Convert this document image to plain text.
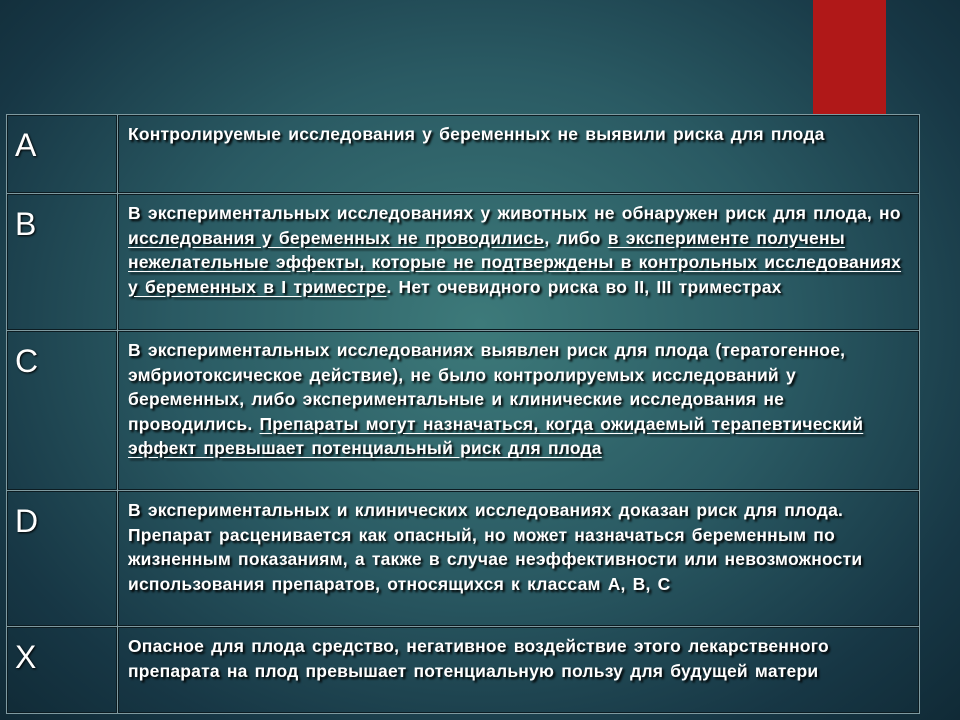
A	Контролируемые исследования у беременных не выявили риска для плода
B	В экспериментальных исследованиях у животных не обнаружен риск для плода, но исследования у беременных не проводились, либо в эксперименте получены нежелательные эффекты, которые не подтверждены в контрольных исследованиях у беременных в I триместре. Нет очевидного риска во II, III триместрах
C	В экспериментальных исследованиях выявлен риск для плода (тератогенное, эмбриотоксическое действие), не было контролируемых исследований у беременных, либо экспериментальные и клинические исследования не проводились. Препараты могут назначаться, когда ожидаемый терапевтический эффект превышает потенциальный риск для плода
D	В экспериментальных и клинических исследованиях доказан риск для плода. Препарат расценивается как опасный, но может назначаться беременным по жизненным показаниям, а также в случае неэффективности или невозможности использования препаратов, относящихся к классам A, B, C
X	Опасное для плода средство, негативное воздействие этого лекарственного препарата на плод превышает потенциальную пользу для будущей матери
